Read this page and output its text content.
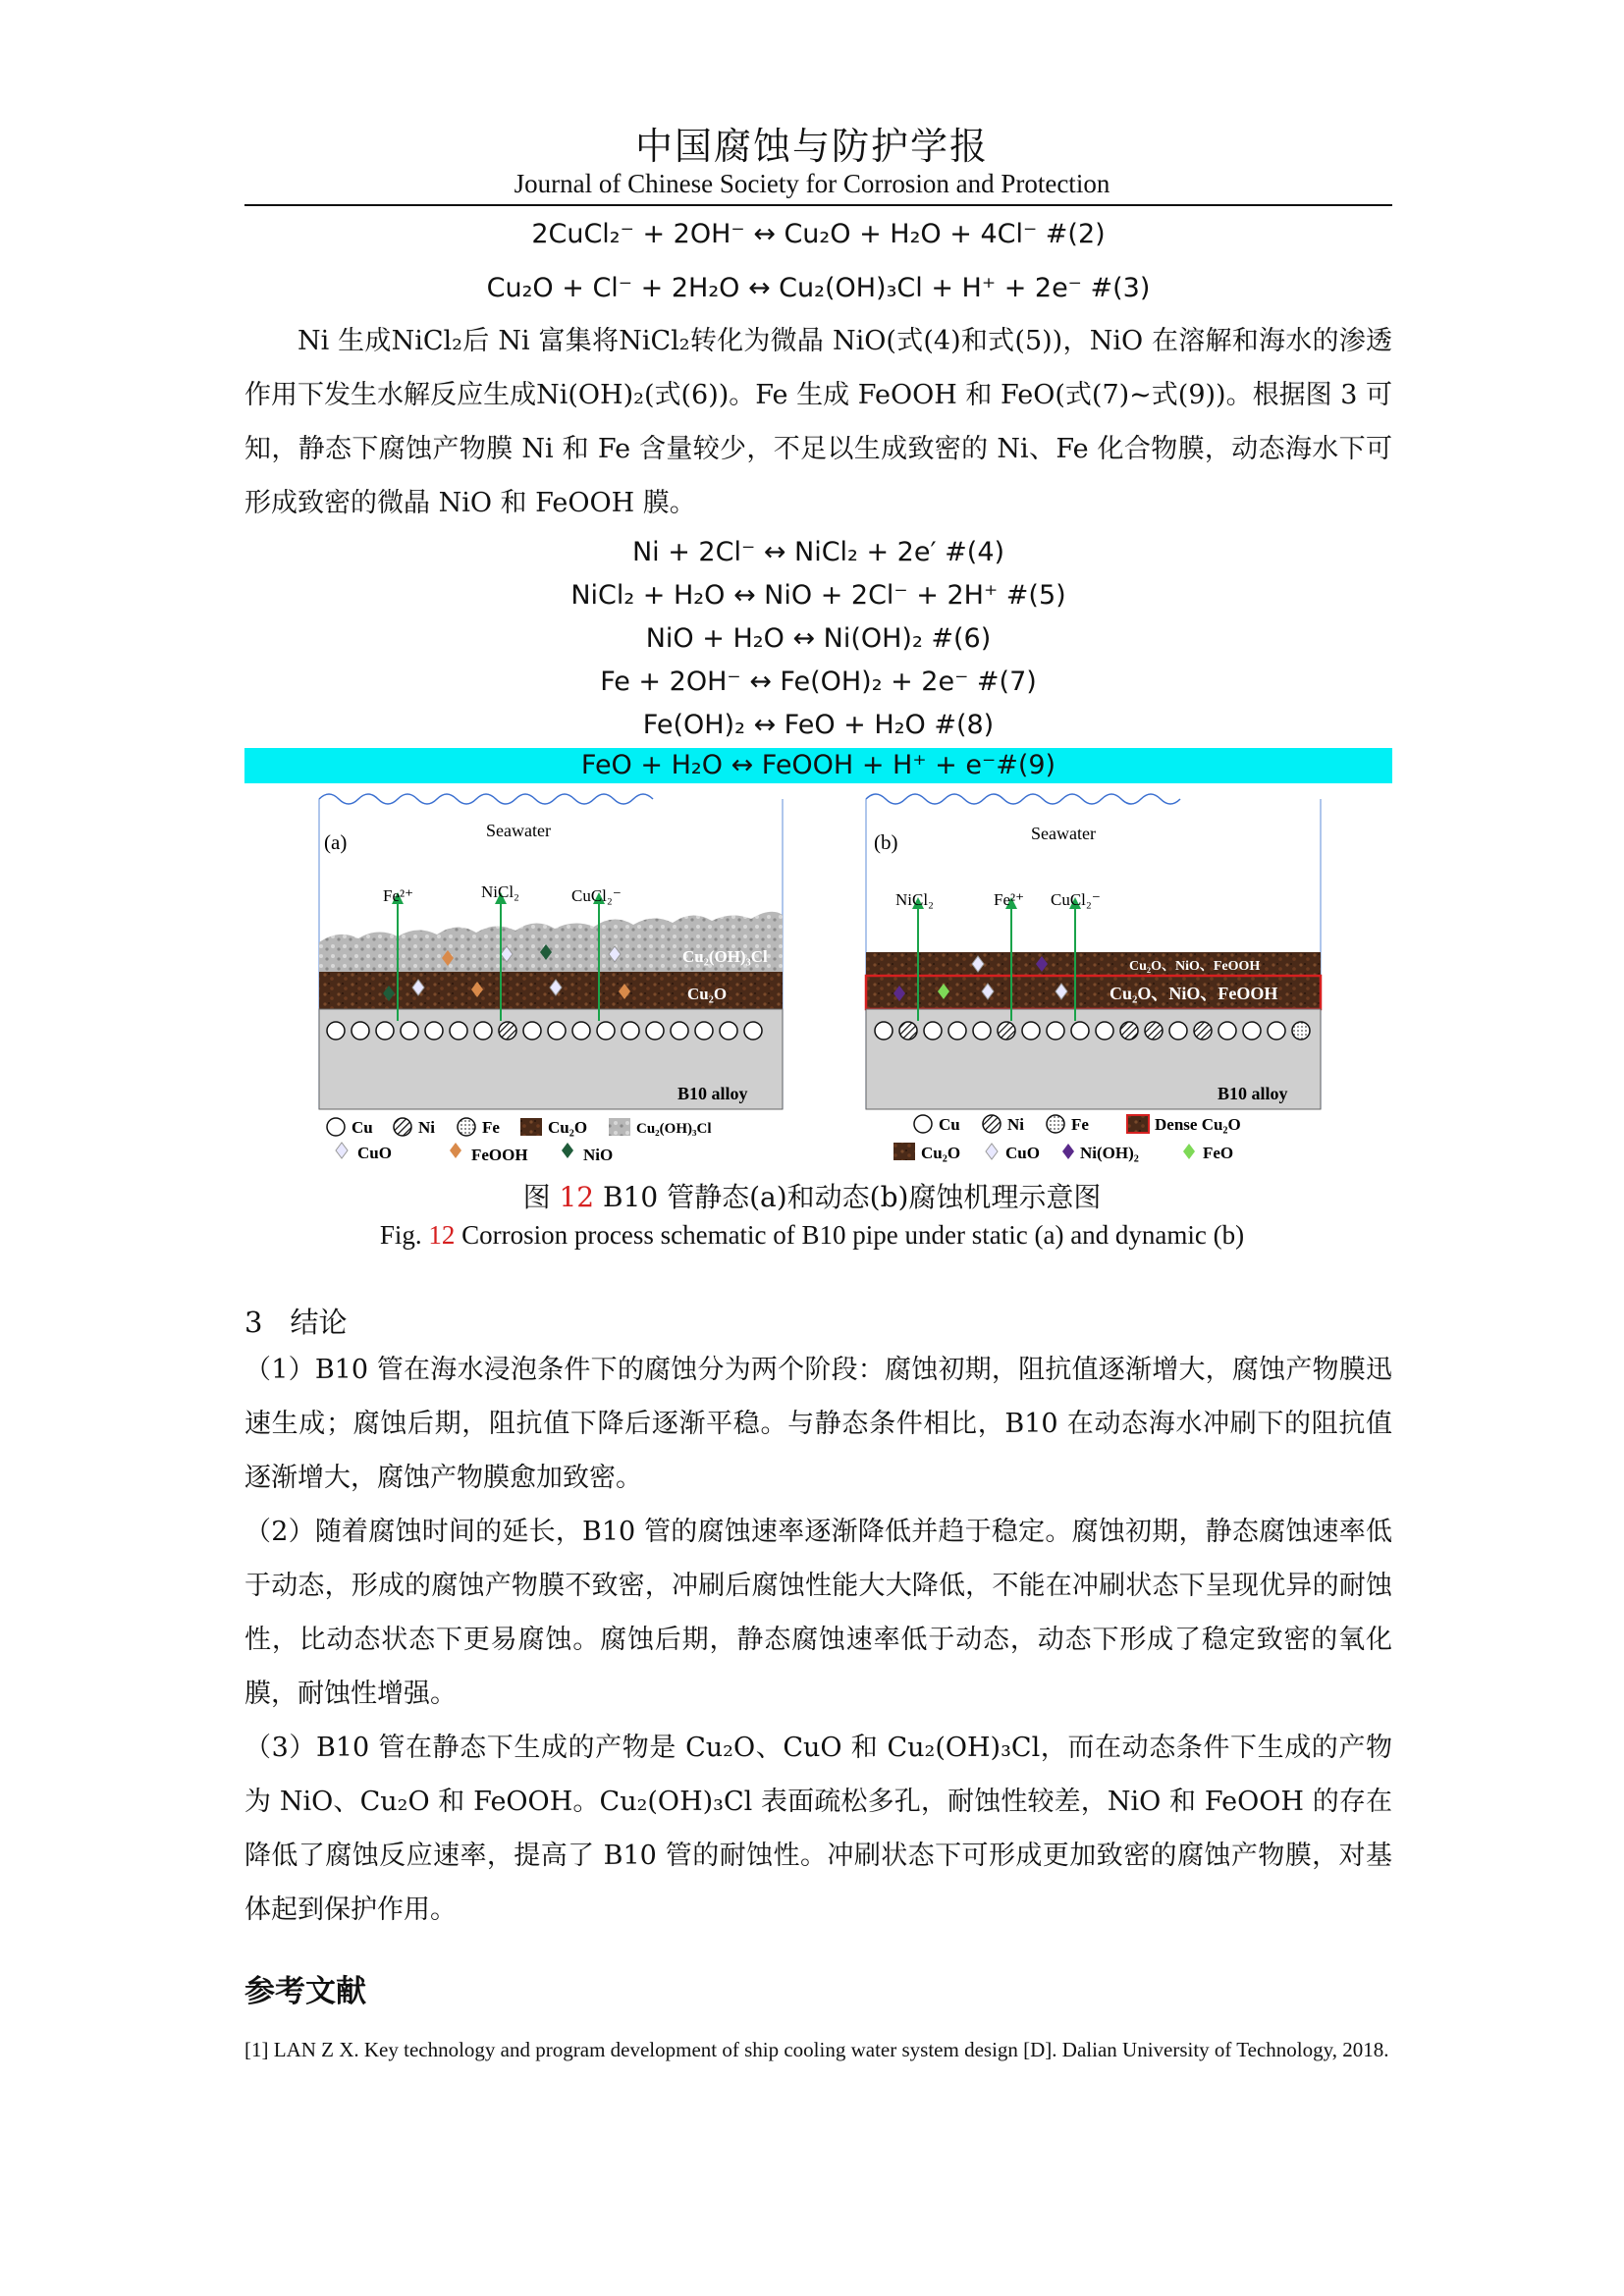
中国腐蚀与防护学报
Journal of Chinese Society for Corrosion and Protection
2CuCl₂⁻ + 2OH⁻ ↔ Cu₂O + H₂O + 4Cl⁻ #(2)
Cu₂O + Cl⁻ + 2H₂O ↔ Cu₂(OH)₃Cl + H⁺ + 2e⁻ #(3)
Ni 生成NiCl₂后 Ni 富集将NiCl₂转化为微晶 NiO(式(4)和式(5))，NiO 在溶解和海水的渗透作用下发生水解反应生成Ni(OH)₂(式(6))。Fe 生成 FeOOH 和 FeO(式(7)~式(9))。根据图 3 可知，静态下腐蚀产物膜 Ni 和 Fe 含量较少，不足以生成致密的 Ni、Fe 化合物膜，动态海水下可形成致密的微晶 NiO 和 FeOOH 膜。
Ni + 2Cl⁻ ↔ NiCl₂ + 2e′ #(4)
NiCl₂ + H₂O ↔ NiO + 2Cl⁻ + 2H⁺ #(5)
NiO + H₂O ↔ Ni(OH)₂ #(6)
Fe + 2OH⁻ ↔ Fe(OH)₂ + 2e⁻ #(7)
Fe(OH)₂ ↔ FeO + H₂O #(8)
FeO + H₂O ↔ FeOOH + H⁺ + e⁻#(9)
(a)	Seawater
Cu₂(OH)₃Cl
Cu₂O
B10 alloy
Fe²⁺	NiCl₂	CuCl₂⁻
Cu	Ni	Fe	Cu₂O	Cu₂(OH)₃Cl
CuO	FeOOH	NiO
(b)	Seawater
Cu₂O、NiO、FeOOH
Cu₂O、NiO、FeOOH
B10 alloy
NiCl₂	Fe²⁺ CuCl₂⁻
Cu	Ni	Fe	Dense Cu₂O
Cu₂O	CuO Ni(OH)₂	FeO
图 12 B10 管静态(a)和动态(b)腐蚀机理示意图
Fig. 12 Corrosion process schematic of B10 pipe under static (a) and dynamic (b)
3 结论
（1）B10 管在海水浸泡条件下的腐蚀分为两个阶段：腐蚀初期，阻抗值逐渐增大，腐蚀产物膜迅速生成；腐蚀后期，阻抗值下降后逐渐平稳。与静态条件相比，B10 在动态海水冲刷下的阻抗值逐渐增大，腐蚀产物膜愈加致密。
（2）随着腐蚀时间的延长，B10 管的腐蚀速率逐渐降低并趋于稳定。腐蚀初期，静态腐蚀速率低于动态，形成的腐蚀产物膜不致密，冲刷后腐蚀性能大大降低，不能在冲刷状态下呈现优异的耐蚀性，比动态状态下更易腐蚀。腐蚀后期，静态腐蚀速率低于动态，动态下形成了稳定致密的氧化膜，耐蚀性增强。
（3）B10 管在静态下生成的产物是 Cu₂O、CuO 和 Cu₂(OH)₃Cl，而在动态条件下生成的产物为 NiO、Cu₂O 和 FeOOH。Cu₂(OH)₃Cl 表面疏松多孔，耐蚀性较差，NiO 和 FeOOH 的存在降低了腐蚀反应速率，提高了 B10 管的耐蚀性。冲刷状态下可形成更加致密的腐蚀产物膜，对基体起到保护作用。
参考文献
[1] LAN Z X. Key technology and program development of ship cooling water system design [D]. Dalian University of Technology, 2018.
